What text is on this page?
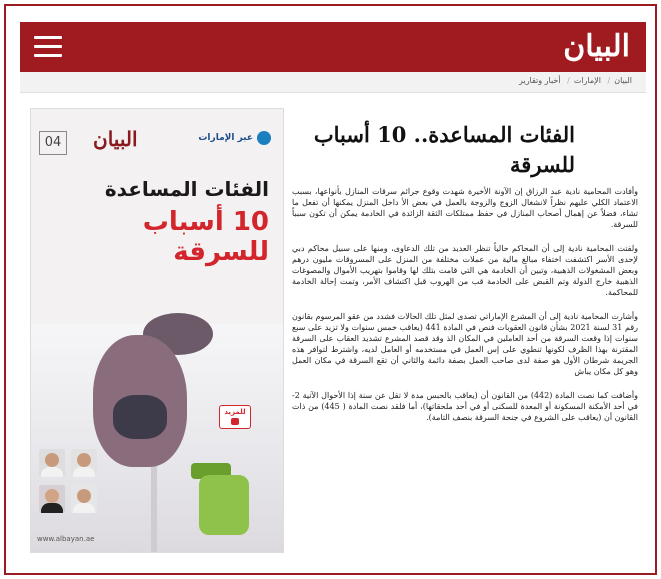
البيان
البيان/ الإمارات/ أخبار وتقارير
04 البيان	عبر الإمارات
الفئات المساعدة
10 أسباب للسرقة
للمزيد
www.albayan.ae
الفئات المساعدة.. 10 أسباب للسرقة

وأفادت المحامية نادية عبد الرزاق إن الآونة الأخيرة شهدت وقوع جرائم سرقات المنازل بأنواعها، بسبب الاعتماد الكلي عليهم نظراً لانشغال الزوج والزوجة بالعمل في بعض الأ داخل المنزل يمكنها أن تفعل ما تشاء، فضلاً عن إهمال أصحاب المنازل في حفظ ممتلكات الثقة الزائدة في الخادمة يمكن أن تكون سبباً للسرقة.

ولفتت المحامية نادية إلى أن المحاكم حالياً تنظر العديد من تلك الدعاوى، ومنها على سبيل محاكم دبي لإحدى الأسر اكتشفت اختفاء مبالغ مالية من عملات مختلفة من المنزل على المسروقات مليون درهم وبعض المشغولات الذهبية، وتبين أن الخادمة هي التي قامت بتلك لها وقاموا بتهريب الأموال والمصوغات الذهبية خارج الدولة وتم القبض على الخادمة قب من الهروب قبل اكتشاف الأمر، وتمت إحالة الخادمة للمحاكمة.

وأشارت المحامية نادية إلى أن المشرع الإماراتي تصدى لمثل تلك الحالات فشدد من عقو المرسوم بقانون رقم 31 لسنة 2021 بشأن قانون العقوبات فنص في المادة 441 (يعاقب خمس سنوات ولا تزيد على سبع سنوات إذا وقعت السرقة من أحد العاملين في المكان الذ وقد قصد المشرع تشديد العقاب على السرقة المقترنة بهذا الظرف لكونها تنطوي على إس العمل في مستخدمه أو العامل لديه، واشترط لتوافر هذه الجريمة شرطان الأول هو صفة لدى صاحب العمل بصفة دائمة والثاني أن تقع السرقة في مكان العمل وهو كل مكان يباش

وأضافت كما نصت المادة (442) من القانون أن (يعاقب بالحبس مدة لا تقل عن سنة إذا الأحوال الآتية 2- في أحد الأمكنة المسكونة أو المعدة للسكنى أو في أحد ملحقاتها)، أما فلقد نصت المادة ( 445) من ذات القانون أن (يعاقب على الشروع في جنحة السرقة بنصف التامة).
